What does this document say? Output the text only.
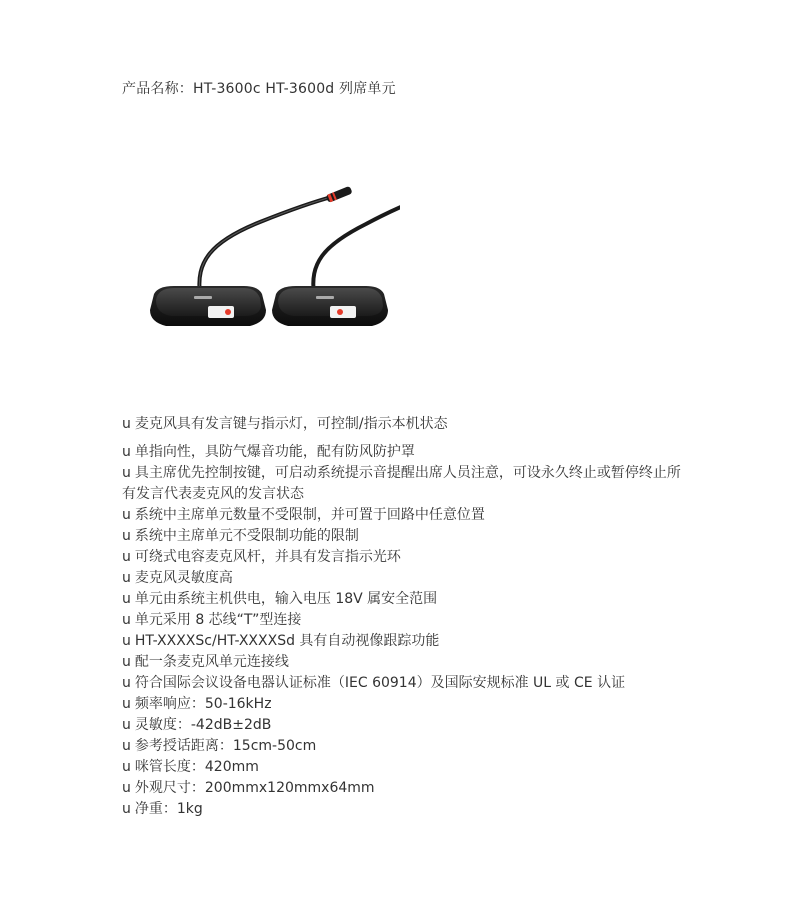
产品名称：HT-3600c HT-3600d 列席单元
u 麦克风具有发言键与指示灯，可控制/指示本机状态
u 单指向性，具防气爆音功能，配有防风防护罩
u 具主席优先控制按键，可启动系统提示音提醒出席人员注意，可设永久终止或暂停终止所有发言代表麦克风的发言状态
u 系统中主席单元数量不受限制，并可置于回路中任意位置
u 系统中主席单元不受限制功能的限制
u 可绕式电容麦克风杆，并具有发言指示光环
u 麦克风灵敏度高
u 单元由系统主机供电，输入电压 18V 属安全范围
u 单元采用 8 芯线“T”型连接
u HT-XXXXSc/HT-XXXXSd 具有自动视像跟踪功能
u 配一条麦克风单元连接线
u 符合国际会议设备电器认证标准（IEC 60914）及国际安规标准 UL 或 CE 认证
u 频率响应：50-16kHz
u 灵敏度：-42dB±2dB
u 参考授话距离：15cm-50cm
u 咪管长度：420mm
u 外观尺寸：200mmx120mmx64mm
u 净重：1kg
